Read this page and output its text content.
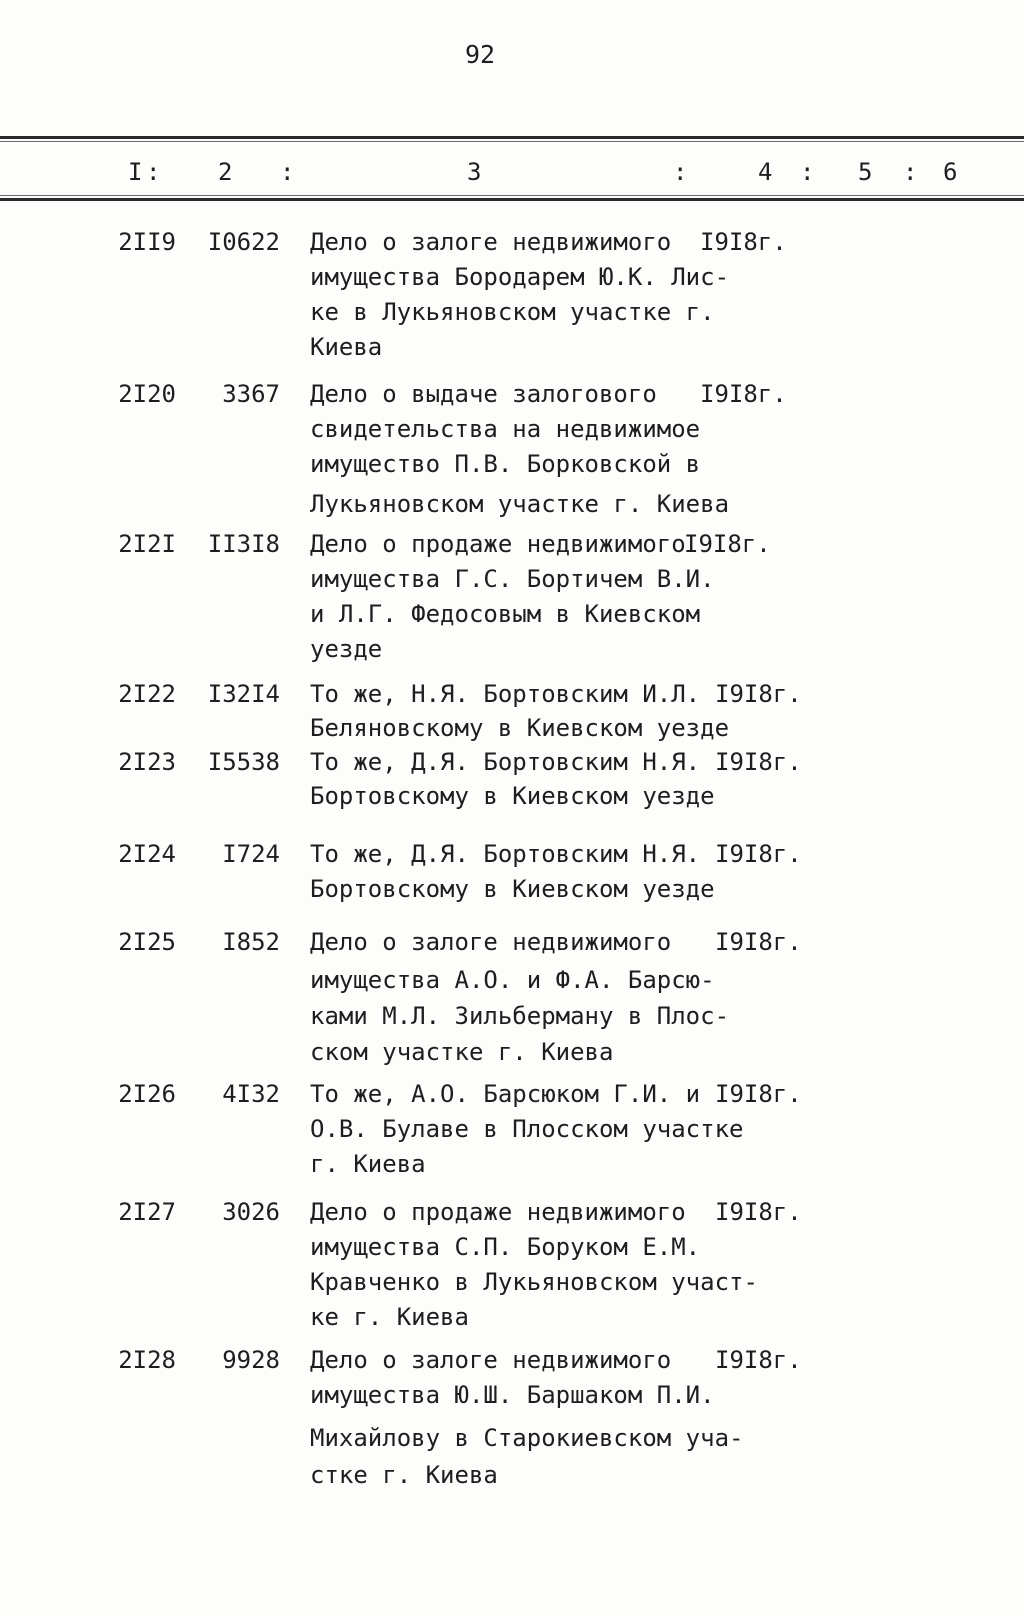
92
I : 2 :	3	:	4 : 5 : 6
2II9 I0622 Дело о залоге недвижимого
имущества Бородарем Ю.К. Лис-
ке в Лукьяновском участке г.
Киева
I9I8г.
2I20 3367 Дело о выдаче залогового
свидетельства на недвижимое
имущество П.В. Борковской в
Лукьяновском участке г. Киева
I9I8г.
2I2I II3I8 Дело о продаже недвижимого
имущества Г.С. Бортичем В.И.
и Л.Г. Федосовым в Киевском
уезде
I9I8г.
2I22 I32I4 То же, Н.Я. Бортовским И.Л.
Беляновскому в Киевском уезде
I9I8г.
2I23 I5538 То же, Д.Я. Бортовским Н.Я.
Бортовскому в Киевском уезде
I9I8г.
2I24 I724 То же, Д.Я. Бортовским Н.Я.
Бортовскому в Киевском уезде
I9I8г.
2I25 I852 Дело о залоге недвижимого
имущества А.О. и Ф.А. Барсю-
ками М.Л. Зильберману в Плос-
ском участке г. Киева
I9I8г.
2I26 4I32 То же, А.О. Барсюком Г.И. и
О.В. Булаве в Плосском участке
г. Киева
I9I8г.
2I27 3026 Дело о продаже недвижимого
имущества С.П. Боруком Е.М.
Кравченко в Лукьяновском участ-
ке г. Киева
I9I8г.
2I28 9928 Дело о залоге недвижимого
имущества Ю.Ш. Баршаком П.И.
Михайлову в Старокиевском уча-
стке г. Киева
I9I8г.
